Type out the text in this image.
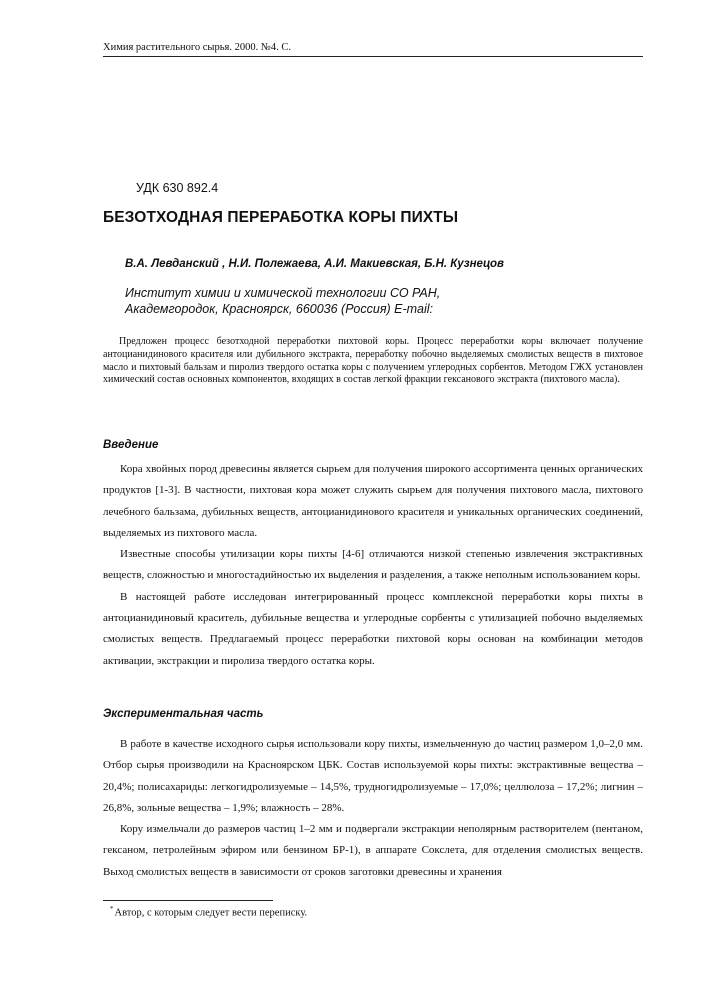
Химия растительного сырья. 2000. №4. С.
УДК 630 892.4
БЕЗОТХОДНАЯ ПЕРЕРАБОТКА КОРЫ ПИХТЫ
В.А. Левданский , Н.И. Полежаева, А.И. Макиевская, Б.Н. Кузнецов
Институт химии и химической технологии СО РАН,
Академгородок, Красноярск, 660036 (Россия) E-mail:

Предложен процесс безотходной переработки пихтовой коры. Процесс переработки коры включает получение антоцианидинового красителя или дубильного экстракта, переработку побочно выделяемых смолистых веществ в пихтовое масло и пихтовый бальзам и пиролиз твердого остатка коры с получением углеродных сорбентов. Методом ГЖХ установлен химический состав основных компонентов, входящих в состав легкой фракции гексанового экстракта (пихтового масла).

Введение

Кора хвойных пород древесины является сырьем для получения широкого ассортимента ценных органических продуктов [1-3]. В частности, пихтовая кора может служить сырьем для получения пихтового масла, пихтового лечебного бальзама, дубильных веществ, антоцианидинового красителя и уникальных органических соединений, выделяемых из пихтового масла.

Известные способы утилизации коры пихты [4-6] отличаются низкой степенью извлечения экстрактивных веществ, сложностью и многостадийностью их выделения и разделения, а также неполным использованием коры.

В настоящей работе исследован интегрированный процесс комплексной переработки коры пихты в антоцианидиновый краситель, дубильные вещества и углеродные сорбенты с утилизацией побочно выделяемых смолистых веществ. Предлагаемый процесс переработки пихтовой коры основан на комбинации методов активации, экстракции и пиролиза твердого остатка коры.

Экспериментальная часть

В работе в качестве исходного сырья использовали кору пихты, измельченную до частиц размером 1,0–2,0 мм. Отбор сырья производили на Красноярском ЦБК. Состав используемой коры пихты: экстрактивные вещества – 20,4%; полисахариды: легкогидролизуемые – 14,5%, трудногидролизуемые – 17,0%; целлюлоза – 17,2%; лигнин – 26,8%, зольные вещества – 1,9%; влажность – 28%.

Кору измельчали до размеров частиц 1–2 мм и подвергали экстракции неполярным растворителем (пентаном, гексаном, петролейным эфиром или бензином БР-1), в аппарате Сокслета, для отделения смолистых веществ. Выход смолистых веществ в зависимости от сроков заготовки древесины и хранения

*Автор, с которым следует вести переписку.
